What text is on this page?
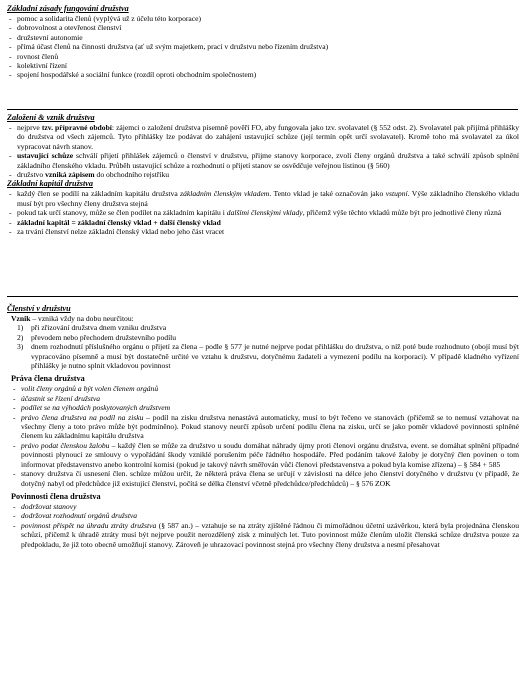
Základní zásady fungování družstva
- pomoc a solidarita členů (vyplývá už z účelu této korporace)
- dobrovolnost a otevřenost členství
- družstevní autonomie
- přímá účast členů na činnosti družstva (ať už svým majetkem, prací v družstvu nebo řízením družstva)
- rovnost členů
- kolektivní řízení
- spojení hospodářské a sociální funkce (rozdíl oproti obchodním společnostem)
Založení & vznik družstva
- nejprve tzv. přípravné období: zájemci o založení družstva písemně pověří FO, aby fungovala jako tzv. svolavatel (§ 552 odst. 2). Svolavatel pak přijímá přihlášky do družstva od všech zájemců. Tyto přihlášky lze podávat do zahájení ustavující schůze (její termín opět určí svolavatel). Kromě toho má svolavatel za úkol vypracovat návrh stanov.
- ustavující schůze schválí přijetí přihlášek zájemců o členství v družstvu, přijme stanovy korporace, zvolí členy orgánů družstva a také schválí způsob splnění základního členského vkladu. Průběh ustavující schůze a rozhodnutí o přijetí stanov se osvědčuje veřejnou listinou (§ 560)
- družstvo vzniká zápisem do obchodního rejstříku
Základní kapitál družstva
- každý člen se podílí na základním kapitálu družstva základním členským vkladem. Tento vklad je také označován jako vstupní. Výše základního členského vkladu musí být pro všechny členy družstva stejná
- pokud tak určí stanovy, může se člen podílet na základním kapitálu i dalšími členskými vklady, přičemž výše těchto vkladů může být pro jednotlivé členy různá
- základní kapitál = základní členský vklad + další členský vklad
- za trvání členství nelze základní členský vklad nebo jeho část vracet
Členství v družstvu
Vznik – vzniká vždy na dobu neurčitou:
1) při zřizování družstva dnem vzniku družstva
2) převodem nebo přechodem družstevního podílu
3) dnem rozhodnutí příslušného orgánu o přijetí za člena – podle § 577 je nutné nejprve podat přihlášku do družstva, o níž poté bude rozhodnuto (obojí musí být vypracováno písemně a musí být dostatečně určité ve vztahu k družstvu, dotyčnému žadateli a vymezení podílu na korporaci). V případě kladného vyřízení přihlášky je nutno splnit vkladovou povinnost
Práva člena družstva
- volit členy orgánů a být volen členem orgánů
- účastnit se řízení družstva
- podílet se na výhodách poskytovaných družstvem
- právo člena družstva na podíl na zisku – podíl na zisku družstva nenastává automaticky, musí to být řečeno ve stanovách (přičemž se to nemusí vztahovat na všechny členy a toto právo může být podmíněno). Pokud stanovy neurčí způsob určení podílu člena na zisku, určí se jako poměr vkladové povinnosti splněné členem ku základnímu kapitálu družstva
- právo podat členskou žalobu – každý člen se může za družstvo u soudu domáhat náhrady újmy proti členovi orgánu družstva, event. se domáhat splnění případné povinnosti plynoucí ze smlouvy o vypořádání škody vzniklé porušením péče řádného hospodáře. Před podáním takové žaloby je dotyčný člen povinen o tom informovat představenstvo anebo kontrolní komisi (pokud je takový návrh směřován vůči členovi představenstva a pokud byla komise zřízena) – § 584 + 585
- stanovy družstva či usnesení člen. schůze můžou určit, že některá práva člena se určují v závislosti na délce jeho členství dotyčného v družstvu (v případě, že dotyčný nabyl od předchůdce již existující členství, počítá se délka členství včetně předchůdce/předchůdců) – § 576 ZOK
Povinnosti člena družstva
- dodržovat stanovy
- dodržovat rozhodnutí orgánů družstva
- povinnost přispět na úhradu ztráty družstva (§ 587 an.) – vztahuje se na ztráty zjištěné řádnou či mimořádnou účetní uzávěrkou, která byla projednána členskou schůzí, přičemž k úhradě ztráty musí být nejprve použit nerozdělený zisk z minulých let. Tuto povinnost může členům uložit členská schůze družstva pouze za předpokladu, že již toto obecně umožňují stanovy. Zároveň je uhrazovací povinnost stejná pro všechny členy družstva a nesmí přesahovat
